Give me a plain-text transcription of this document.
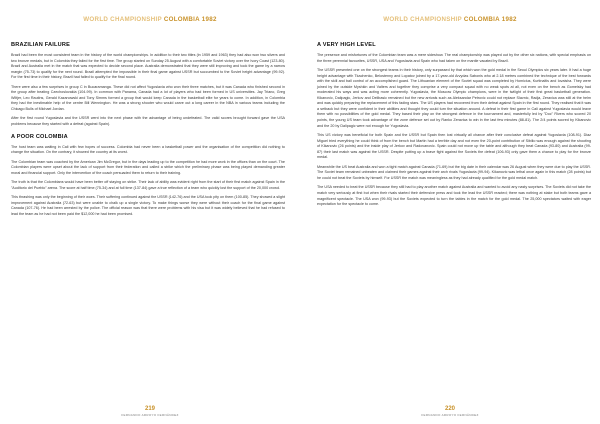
WORLD CHAMPIONSHIP COLOMBIA 1982
BRAZILIAN FAILURE

Brazil had been the most consistent team in the history of the world championships. In addition to their two titles (in 1959 and 1963) they had also won two silvers and two bronze medals, but in Colombia they failed for the first time. The group started on Sunday 25 August with a comfortable Soviet victory over the Ivory Coast (123-80). Brazil and Australia met in the match that was expected to decide second place. Australia demonstrated that they were still improving and took the game by a narrow margin (75-73) to qualify for the next round. Brazil attempted the impossible in their final game against USSR but succumbed to the Soviet height advantage (99-92). For the first time in their history, Brazil had failed to qualify for the final round.

There were also a few surprises in group C in Bucaramanga. These did not affect Yugoslavia who won their three matches, but it was Canada who finished second in the group after beating Czechoslovakia (104-99). In common with Panama, Canada had a lot of players who had been formed in US universities. Jay Triano, Greg Wiltjer, Leo Rautins, Gerald Kazanowski and Tony Simms formed a group that would keep Canada in the basketball elite for years to come. In addition, in Colombia they had the inestimable help of the centre Bill Wennington. He was a strong shooter who would carve out a long career in the NBA in various teams including the Chicago Bulls of Michael Jordan.

After the first round Yugoslavia and the USSR went into the next phase with the advantage of being undefeated. The valid scores brought forward gave the USA problems because they started with a defeat (against Spain).

A POOR COLOMBIA

The host team was waiting in Cali with few hopes of success. Colombia had never been a basketball power and the organisation of the competition did nothing to change the situation. On the contrary, it showed the country at its worst.

The Colombian team was coached by the American Jim McGregor, but in the days leading up to the competition he had more work in the offices than on the court. The Colombian players were upset about the lack of support from their federation and called a strike which the preliminary phase was being played demanding greater moral and financial support. Only the intervention of the coach persuaded them to return to their training.

The truth is that the Colombians would have been better off staying on strike. Their lack of ability was evident right from the start of their first match against Spain in the "Auditorio del Pueblo" arena. The score at half time (75-34) and at full time (137-84) gave a true reflection of a team who quickly lost the support of the 20,000 crowd.

This thrashing was only the beginning of their woes. Their suffering continued against the USSR (142-76) and the USA took pity on them (100-85). They showed a slight improvement against Australia (72-63) but were unable to chalk up a single victory. To make things worse they were without their coach for the final game against Canada (107-76). He had been arrested by the police. The official reason was that there were problems with his visa but it was widely believed that he had refused to lead the team as he had not been paid the $12,000 he had been promised.

219
FERNANDO ARROYO FERNÁNDEZ
WORLD CHAMPIONSHIP COLOMBIA 1982
A VERY HIGH LEVEL

The presence and misfortunes of the Colombian team was a mere sideshow. The real championship was played out by the other six nations, with special emphasis on the three perennial favourites, USSR, USA and Yugoslavia and Spain who had taken on the mantle vacated by Brazil.

The USSR presented one on the strongest teams in their history, only surpassed by that which won the gold medal in the Seoul Olympics six years later. It had a huge height advantage with Tkachenko, Belostenny and Lopatov joined by a 17-year-old Arvydas Sabonis who at 2.18 metres combined the technique of the best forwards with the skill and ball control of an accomplished guard. The Lithuanian element of the Soviet squad was completed by Homicius, Kurtinaitis and Iovaisha. They were joined by the outside Myshkin and Valters and together they comprise a very compact squad with no weak spots at all, not even on the bench as Gomelsky had moderated his ways and was acting more coherently. Yugoslavia, the Moscow Olympic champions, were in the twilight of their first great basketball generation. Kikanovic, Dalipagic, Jerkov and Delibasic remained but the new arrivals such as Aleksandar Petrovic could not replace Slavnic, Radja, Zeravica was still at the helm and was quickly preparing the replacement of this fading stars. The US players had recovered from their defeat against Spain in the first round. They realised that it was a setback but they were confident in their abilities and thought they could turn the situation around. A defeat in their first game in Cali against Yugoslavia would leave them with no possibilities of the gold medal. They based their play on the strongest defence in the tournament and, masterfully led by "Doc" Rivers who scored 20 points, the young US team took advantage of the zone defence set out by Ranko Zeravica to win in the last few minutes (88-81). The 2/4 points scored by Kikanovic and the 20 by Dalipagic were not enough for Yugoslavia.

This US victory was beneficial for both Spain and the USSR but Spain then lost virtually all chance after their conclusive defeat against Yugoslavia (108-91). Diaz Miguel tried everything he could think of from the bench but Martin had a terrible day and not even the 20-point contribution of Sibilio was enough against the shooting of Kikanovic (26 points) and the inside play of Jerkov and Radovanovic. Spain could not move up the table and although they beat Canada (93-80) and Australia (99-87) their last match was against the USSR. Despite putting up a brave fight against the Soviets the defeat (106-93) only gave them a chance to play for the bronze medal.

Meanwhile the US beat Australia and won a tight match against Canada (71-69) but the big date in their calendar was 26 August when they were due to play the USSR. The Soviet team remained unbeaten and claimed their games against their arch rivals Yugoslavia (99-94). Kikanovic was lethal once again in this match (28 points) but he could not beat the Soviets by himself. For USSR the match was meaningless as they had already qualified for the gold medal match.

The USA needed to beat the USSR because they still had to play another match against Australia and wanted to avoid any nasty surprises. The Soviets did not take the match very seriously at first but when their rivals started their defensive press and took the lead the USSR reacted; there was nothing at stake but both teams gave a magnificent spectacle. The USA won (99-93) but the Soviets expected to turn the tables in the match for the gold medal. The 25,000 spectators waited with eager expectation for the spectacle to come.

220
FERNANDO ARROYO FERNÁNDEZ
